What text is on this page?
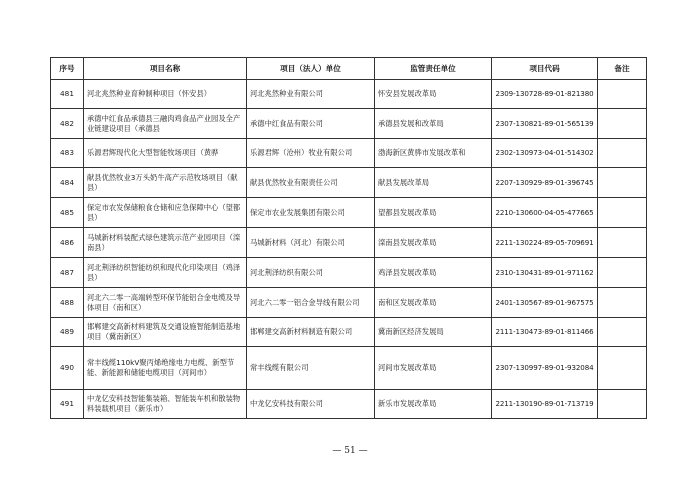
序号	项目名称	项目（法人）单位	监管责任单位	项目代码	备注
481	河北兆然种业育种制种项目（怀安县）	河北兆然种业有限公司	怀安县发展改革局	2309-130728-89-01-821380	
482	承德中红食品承德县三融肉鸡食品产业园及全产业链建设项目（承德县	承德中红食品有限公司	承德县发展和改革局	2307-130821-89-01-565139	
483	乐源君辉现代化大型智能牧场项目（黄骅	乐源君辉（沧州）牧业有限公司	渤海新区黄骅市发展改革和	2302-130973-04-01-514302	
484	献县优然牧业3万头奶牛高产示范牧场项目（献县）	献县优然牧业有限责任公司	献县发展改革局	2207-130929-89-01-396745	
485	保定市农发保储粮食仓储和应急保障中心（望都县）	保定市农业发展集团有限公司	望都县发展改革局	2210-130600-04-05-477665	
486	马城新材料装配式绿色建筑示范产业园项目（滦南县）	马城新材料（河北）有限公司	滦南县发展改革局	2211-130224-89-05-709691	
487	河北荆泽纺织智能纺织和现代化印染项目（鸡泽县）	河北荆泽纺织有限公司	鸡泽县发展改革局	2310-130431-89-01-971162	
488	河北六二零一高端转型环保节能铝合金电缆及导体项目（南和区）	河北六二零一铝合金导线有限公司	南和区发展改革局	2401-130567-89-01-967575	
489	邯郸建交高新材料建筑及交通设施智能制造基地项目（冀南新区）	邯郸建交高新材料制造有限公司	冀南新区经济发展局	2111-130473-89-01-811466	
490	常丰线缆110kV聚丙烯绝缘电力电缆、新型节能、新能源和储能电缆项目（河间市）	常丰线缆有限公司	河间市发展改革局	2307-130997-89-01-932084	
491	中龙亿安科技智能集装箱、智能装车机和散装物料装载机项目（新乐市）	中龙亿安科技有限公司	新乐市发展改革局	2211-130190-89-01-713719	
— 51 —
